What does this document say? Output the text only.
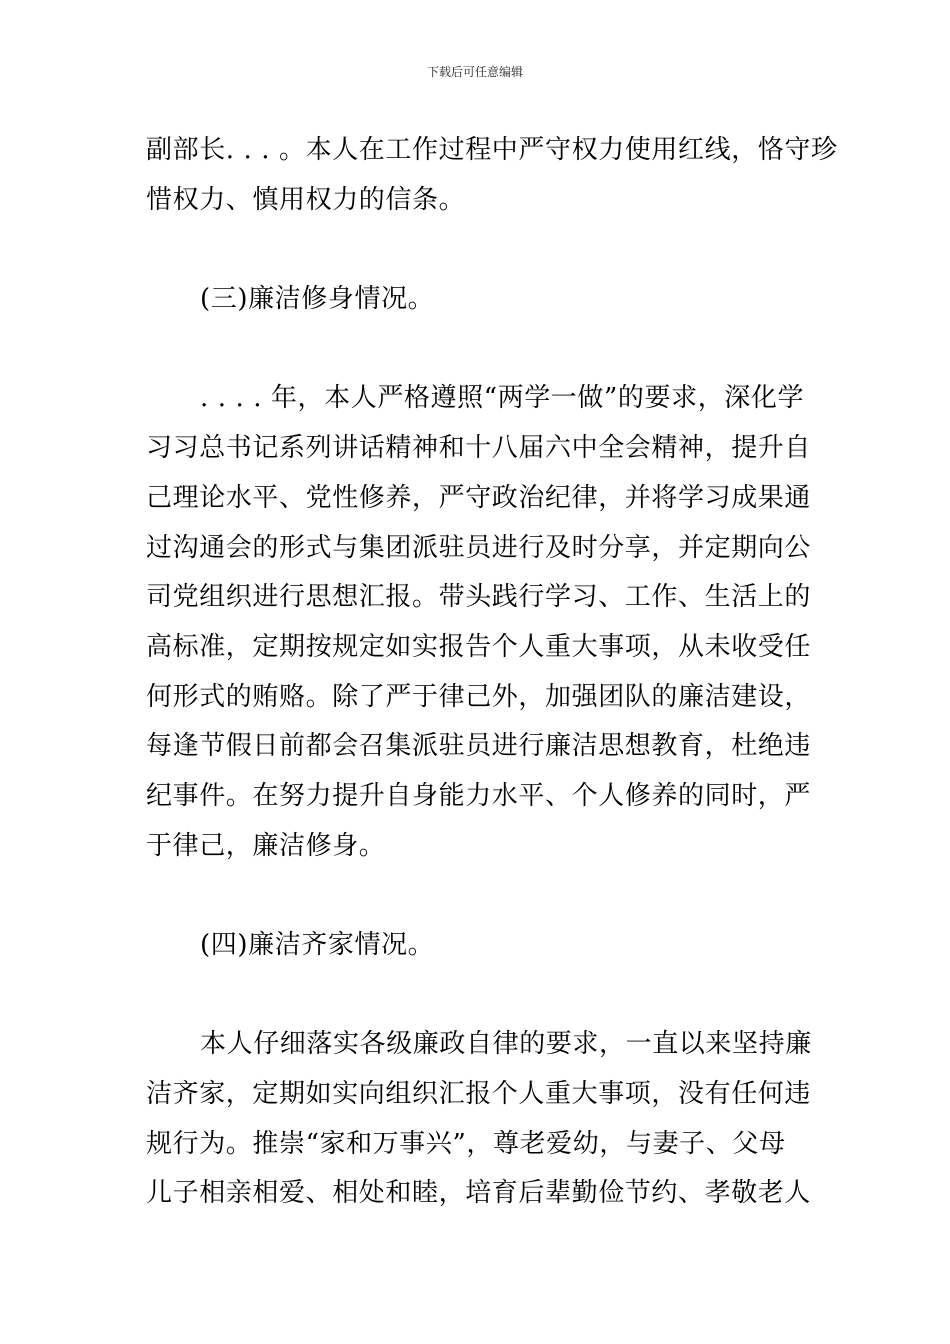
下载后可任意编辑
副部长. . . 。本人在工作过程中严守权力使用红线，恪守珍
惜权力、慎用权力的信条。
(三)廉洁修身情况。
. . . . 年，本人严格遵照“两学一做”的要求，深化学
习习总书记系列讲话精神和十八届六中全会精神，提升自
己理论水平、党性修养，严守政治纪律，并将学习成果通
过沟通会的形式与集团派驻员进行及时分享，并定期向公
司党组织进行思想汇报。带头践行学习、工作、生活上的
高标准，定期按规定如实报告个人重大事项，从未收受任
何形式的贿赂。除了严于律己外，加强团队的廉洁建设，
每逢节假日前都会召集派驻员进行廉洁思想教育，杜绝违
纪事件。在努力提升自身能力水平、个人修养的同时，严
于律己，廉洁修身。
(四)廉洁齐家情况。
本人仔细落实各级廉政自律的要求，一直以来坚持廉
洁齐家，定期如实向组织汇报个人重大事项，没有任何违
规行为。推崇“家和万事兴”，尊老爱幼，与妻子、父母
儿子相亲相爱、相处和睦，培育后辈勤俭节约、孝敬老人
